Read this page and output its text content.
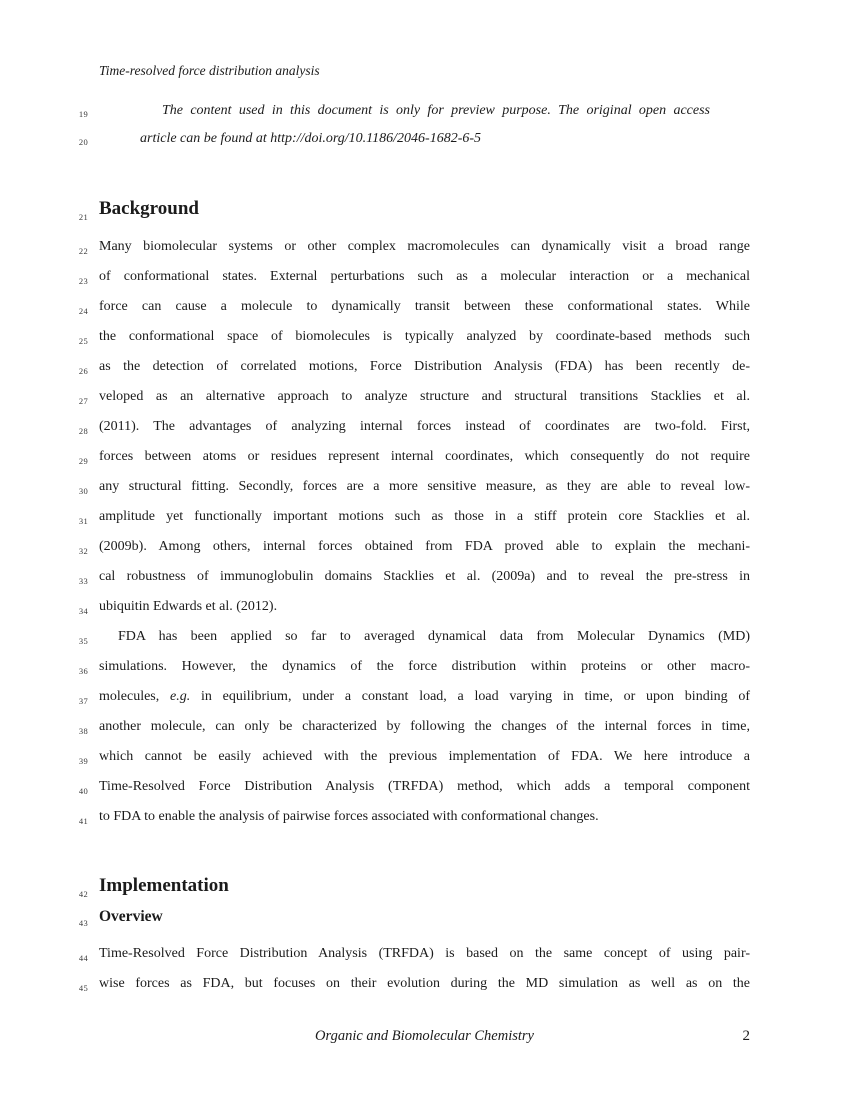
Time-resolved force distribution analysis
19	The content used in this document is only for preview purpose. The original open access
20	article can be found at http://doi.org/10.1186/2046-1682-6-5
21 Background
22 Many biomolecular systems or other complex macromolecules can dynamically visit a broad range
23 of conformational states. External perturbations such as a molecular interaction or a mechanical
24 force can cause a molecule to dynamically transit between these conformational states. While
25 the conformational space of biomolecules is typically analyzed by coordinate-based methods such
26 as the detection of correlated motions, Force Distribution Analysis (FDA) has been recently de-
27 veloped as an alternative approach to analyze structure and structural transitions Stacklies et al.
28 (2011). The advantages of analyzing internal forces instead of coordinates are two-fold. First,
29 forces between atoms or residues represent internal coordinates, which consequently do not require
30 any structural fitting. Secondly, forces are a more sensitive measure, as they are able to reveal low-
31 amplitude yet functionally important motions such as those in a stiff protein core Stacklies et al.
32 (2009b). Among others, internal forces obtained from FDA proved able to explain the mechani-
33 cal robustness of immunoglobulin domains Stacklies et al. (2009a) and to reveal the pre-stress in
34 ubiquitin Edwards et al. (2012).
35 FDA has been applied so far to averaged dynamical data from Molecular Dynamics (MD)
36 simulations. However, the dynamics of the force distribution within proteins or other macro-
37 molecules, e.g. in equilibrium, under a constant load, a load varying in time, or upon binding of
38 another molecule, can only be characterized by following the changes of the internal forces in time,
39 which cannot be easily achieved with the previous implementation of FDA. We here introduce a
40 Time-Resolved Force Distribution Analysis (TRFDA) method, which adds a temporal component
41 to FDA to enable the analysis of pairwise forces associated with conformational changes.
42 Implementation
43 Overview
44 Time-Resolved Force Distribution Analysis (TRFDA) is based on the same concept of using pair-
45 wise forces as FDA, but focuses on their evolution during the MD simulation as well as on the
Organic and Biomolecular Chemistry	2
